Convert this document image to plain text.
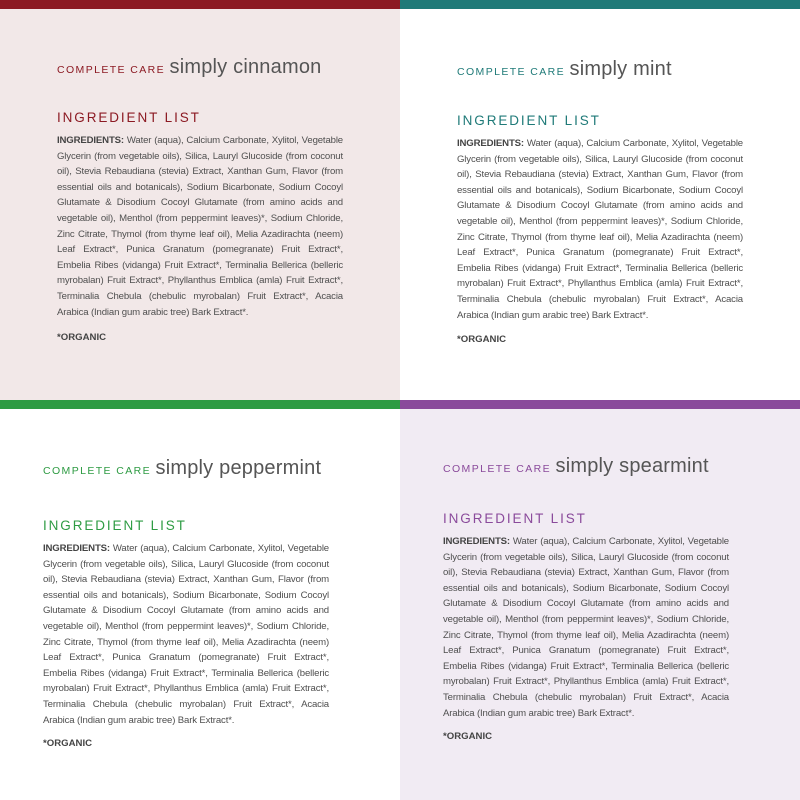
COMPLETE CARE simply cinnamon
INGREDIENT LIST
INGREDIENTS: Water (aqua), Calcium Carbonate, Xylitol, Vegetable Glycerin (from vegetable oils), Silica, Lauryl Glucoside (from coconut oil), Stevia Rebaudiana (stevia) Extract, Xanthan Gum, Flavor (from essential oils and botanicals), Sodium Bicarbonate, Sodium Cocoyl Glutamate & Disodium Cocoyl Glutamate (from amino acids and vegetable oil), Menthol (from peppermint leaves)*, Sodium Chloride, Zinc Citrate, Thymol (from thyme leaf oil), Melia Azadirachta (neem) Leaf Extract*, Punica Granatum (pomegranate) Fruit Extract*, Embelia Ribes (vidanga) Fruit Extract*, Terminalia Bellerica (belleric myrobalan) Fruit Extract*, Phyllanthus Emblica (amla) Fruit Extract*, Terminalia Chebula (chebulic myrobalan) Fruit Extract*, Acacia Arabica (Indian gum arabic tree) Bark Extract*.
*ORGANIC
COMPLETE CARE simply mint
INGREDIENT LIST
INGREDIENTS: Water (aqua), Calcium Carbonate, Xylitol, Vegetable Glycerin (from vegetable oils), Silica, Lauryl Glucoside (from coconut oil), Stevia Rebaudiana (stevia) Extract, Xanthan Gum, Flavor (from essential oils and botanicals), Sodium Bicarbonate, Sodium Cocoyl Glutamate & Disodium Cocoyl Glutamate (from amino acids and vegetable oil), Menthol (from peppermint leaves)*, Sodium Chloride, Zinc Citrate, Thymol (from thyme leaf oil), Melia Azadirachta (neem) Leaf Extract*, Punica Granatum (pomegranate) Fruit Extract*, Embelia Ribes (vidanga) Fruit Extract*, Terminalia Bellerica (belleric myrobalan) Fruit Extract*, Phyllanthus Emblica (amla) Fruit Extract*, Terminalia Chebula (chebulic myrobalan) Fruit Extract*, Acacia Arabica (Indian gum arabic tree) Bark Extract*.
*ORGANIC
COMPLETE CARE simply peppermint
INGREDIENT LIST
INGREDIENTS: Water (aqua), Calcium Carbonate, Xylitol, Vegetable Glycerin (from vegetable oils), Silica, Lauryl Glucoside (from coconut oil), Stevia Rebaudiana (stevia) Extract, Xanthan Gum, Flavor (from essential oils and botanicals), Sodium Bicarbonate, Sodium Cocoyl Glutamate & Disodium Cocoyl Glutamate (from amino acids and vegetable oil), Menthol (from peppermint leaves)*, Sodium Chloride, Zinc Citrate, Thymol (from thyme leaf oil), Melia Azadirachta (neem) Leaf Extract*, Punica Granatum (pomegranate) Fruit Extract*, Embelia Ribes (vidanga) Fruit Extract*, Terminalia Bellerica (belleric myrobalan) Fruit Extract*, Phyllanthus Emblica (amla) Fruit Extract*, Terminalia Chebula (chebulic myrobalan) Fruit Extract*, Acacia Arabica (Indian gum arabic tree) Bark Extract*.
*ORGANIC
COMPLETE CARE simply spearmint
INGREDIENT LIST
INGREDIENTS: Water (aqua), Calcium Carbonate, Xylitol, Vegetable Glycerin (from vegetable oils), Silica, Lauryl Glucoside (from coconut oil), Stevia Rebaudiana (stevia) Extract, Xanthan Gum, Flavor (from essential oils and botanicals), Sodium Bicarbonate, Sodium Cocoyl Glutamate & Disodium Cocoyl Glutamate (from amino acids and vegetable oil), Menthol (from peppermint leaves)*, Sodium Chloride, Zinc Citrate, Thymol (from thyme leaf oil), Melia Azadirachta (neem) Leaf Extract*, Punica Granatum (pomegranate) Fruit Extract*, Embelia Ribes (vidanga) Fruit Extract*, Terminalia Bellerica (belleric myrobalan) Fruit Extract*, Phyllanthus Emblica (amla) Fruit Extract*, Terminalia Chebula (chebulic myrobalan) Fruit Extract*, Acacia Arabica (Indian gum arabic tree) Bark Extract*.
*ORGANIC
